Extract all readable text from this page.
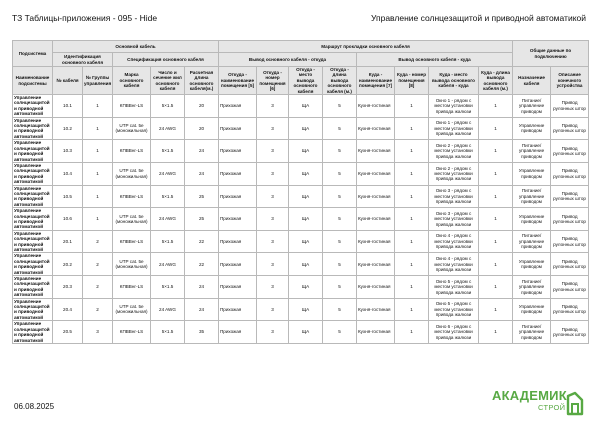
ТЗ Таблицы-приложения - 095 - Hide	Управление солнцезащитой и приводной автоматикой
Подсистема	Основной кабель					Маршрут прокладки основного кабеля								Общие данные по подключению	
	Идентификация основного кабеля		Спецификация основного кабеля			Вывод основного кабеля - откуда				Вывод основного кабеля - куда					

Наименование подсистемы	№ кабеля	№ Группы управления	Марка основного кабеля	Число и сечение жил основного кабеля	Расчетная длина основного кабеля(м.)	Откуда - наименование помещения [5]	Откуда - номер помещения [6]	Откуда - место вывода основного кабеля	Откуда - длина вывода основного кабеля (м.)	Куда - наименование помещения [7]	Куда - номер помещения [8]	Куда - место вывода основного кабеля - куда	Куда - длина вывода основного кабеля (м.)	Назначение кабеля	Описание конечного устройства
Управление солнцезащитой и приводной автоматикой	10.1	1	КПВВнг-LS	5×1.5	20	Прихожая	3	ЩА	5	Кухня-гостиная	1	Окно 1 - рядом с местом установки привода жалюзи	1	Питание/управление приводом	Привод рулонных штор
Управление солнцезащитой и приводной автоматикой	10.2	1	UTP cat. 5e (моножильная)	24 AWG	20	Прихожая	3	ЩА	5	Кухня-гостиная	1	Окно 1 - рядом с местом установки привода жалюзи	1	Управление приводом	Привод рулонных штор
Управление солнцезащитой и приводной автоматикой	10.3	1	КПВВнг-LS	5×1.5	24	Прихожая	3	ЩА	5	Кухня-гостиная	1	Окно 2 - рядом с местом установки привода жалюзи	1	Питание/управление приводом	Привод рулонных штор
Управление солнцезащитой и приводной автоматикой	10.4	1	UTP cat. 5e (моножильная)	24 AWG	24	Прихожая	3	ЩА	5	Кухня-гостиная	1	Окно 2 - рядом с местом установки привода жалюзи	1	Управление приводом	Привод рулонных штор
Управление солнцезащитой и приводной автоматикой	10.5	1	КПВВнг-LS	5×1.5	25	Прихожая	3	ЩА	5	Кухня-гостиная	1	Окно 3 - рядом с местом установки привода жалюзи	1	Питание/управление приводом	Привод рулонных штор
Управление солнцезащитой и приводной автоматикой	10.6	1	UTP cat. 5e (моножильная)	24 AWG	25	Прихожая	3	ЩА	5	Кухня-гостиная	1	Окно 3 - рядом с местом установки привода жалюзи	1	Управление приводом	Привод рулонных штор
Управление солнцезащитой и приводной автоматикой	20.1	2	КПВВнг-LS	5×1.5	22	Прихожая	3	ЩА	5	Кухня-гостиная	1	Окно 4 - рядом с местом установки привода жалюзи	1	Питание/управление приводом	Привод рулонных штор
Управление солнцезащитой и приводной автоматикой	20.2	2	UTP cat. 5e (моножильная)	24 AWG	22	Прихожая	3	ЩА	5	Кухня-гостиная	1	Окно 4 - рядом с местом установки привода жалюзи	1	Управление приводом	Привод рулонных штор
Управление солнцезащитой и приводной автоматикой	20.3	2	КПВВнг-LS	5×1.5	24	Прихожая	3	ЩА	5	Кухня-гостиная	1	Окно 5 - рядом с местом установки привода жалюзи	1	Питание/управление приводом	Привод рулонных штор
Управление солнцезащитой и приводной автоматикой	20.4	2	UTP cat. 5e (моножильная)	24 AWG	24	Прихожая	3	ЩА	5	Кухня-гостиная	1	Окно 5 - рядом с местом установки привода жалюзи	1	Управление приводом	Привод рулонных штор
Управление солнцезащитой и приводной автоматикой	20.5	3	КПВВнг-LS	5×1.5	35	Прихожая	3	ЩА	5	Кухня-гостиная	1	Окно 6 - рядом с местом установки привода жалюзи	1	Питание/управление приводом	Привод рулонных штор
06.08.2025
АКАДЕМИК
СТРОЙ
